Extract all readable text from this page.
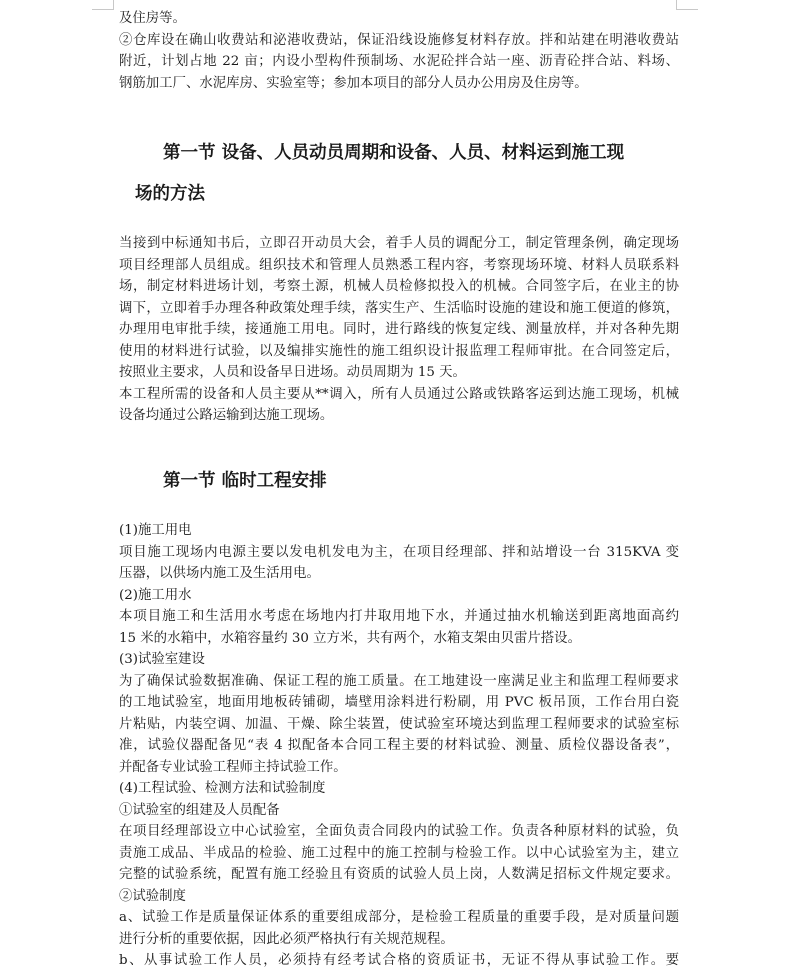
及住房等。
②仓库设在确山收费站和泌港收费站，保证沿线设施修复材料存放。拌和站建在明港收费站
附近，计划占地 22 亩；内设小型构件预制场、水泥砼拌合站一座、沥青砼拌合站、料场、
钢筋加工厂、水泥库房、实验室等；参加本项目的部分人员办公用房及住房等。
第一节 设备、人员动员周期和设备、人员、材料运到施工现
场的方法
当接到中标通知书后，立即召开动员大会，着手人员的调配分工，制定管理条例，确定现场
项目经理部人员组成。组织技术和管理人员熟悉工程内容，考察现场环境、材料人员联系料
场，制定材料进场计划，考察土源，机械人员检修拟投入的机械。合同签字后，在业主的协
调下，立即着手办理各种政策处理手续，落实生产、生活临时设施的建设和施工便道的修筑，
办理用电审批手续，接通施工用电。同时，进行路线的恢复定线、测量放样，并对各种先期
使用的材料进行试验，以及编排实施性的施工组织设计报监理工程师审批。在合同签定后，
按照业主要求，人员和设备早日进场。动员周期为 15 天。
本工程所需的设备和人员主要从**调入，所有人员通过公路或铁路客运到达施工现场，机械
设备均通过公路运输到达施工现场。
第一节 临时工程安排
(1)施工用电
项目施工现场内电源主要以发电机发电为主，在项目经理部、拌和站增设一台 315KVA 变
压器，以供场内施工及生活用电。
(2)施工用水
本项目施工和生活用水考虑在场地内打井取用地下水，并通过抽水机输送到距离地面高约
15 米的水箱中，水箱容量约 30 立方米，共有两个，水箱支架由贝雷片搭设。
(3)试验室建设
为了确保试验数据准确、保证工程的施工质量。在工地建设一座满足业主和监理工程师要求
的工地试验室，地面用地板砖铺砌，墙壁用涂料进行粉刷，用 PVC 板吊顶，工作台用白瓷
片粘贴，内装空调、加温、干燥、除尘装置，使试验室环境达到监理工程师要求的试验室标
准，试验仪器配备见“表 4 拟配备本合同工程主要的材料试验、测量、质检仪器设备表”，
并配备专业试验工程师主持试验工作。
(4)工程试验、检测方法和试验制度
①试验室的组建及人员配备
在项目经理部设立中心试验室，全面负责合同段内的试验工作。负责各种原材料的试验，负
责施工成品、半成品的检验、施工过程中的施工控制与检验工作。以中心试验室为主，建立
完整的试验系统，配置有施工经验且有资质的试验人员上岗，人数满足招标文件规定要求。
②试验制度
a、试验工作是质量保证体系的重要组成部分，是检验工程质量的重要手段，是对质量问题
进行分析的重要依据，因此必须严格执行有关规范规程。
b、从事试验工作人员，必须持有经考试合格的资质证书，无证不得从事试验工作。要
